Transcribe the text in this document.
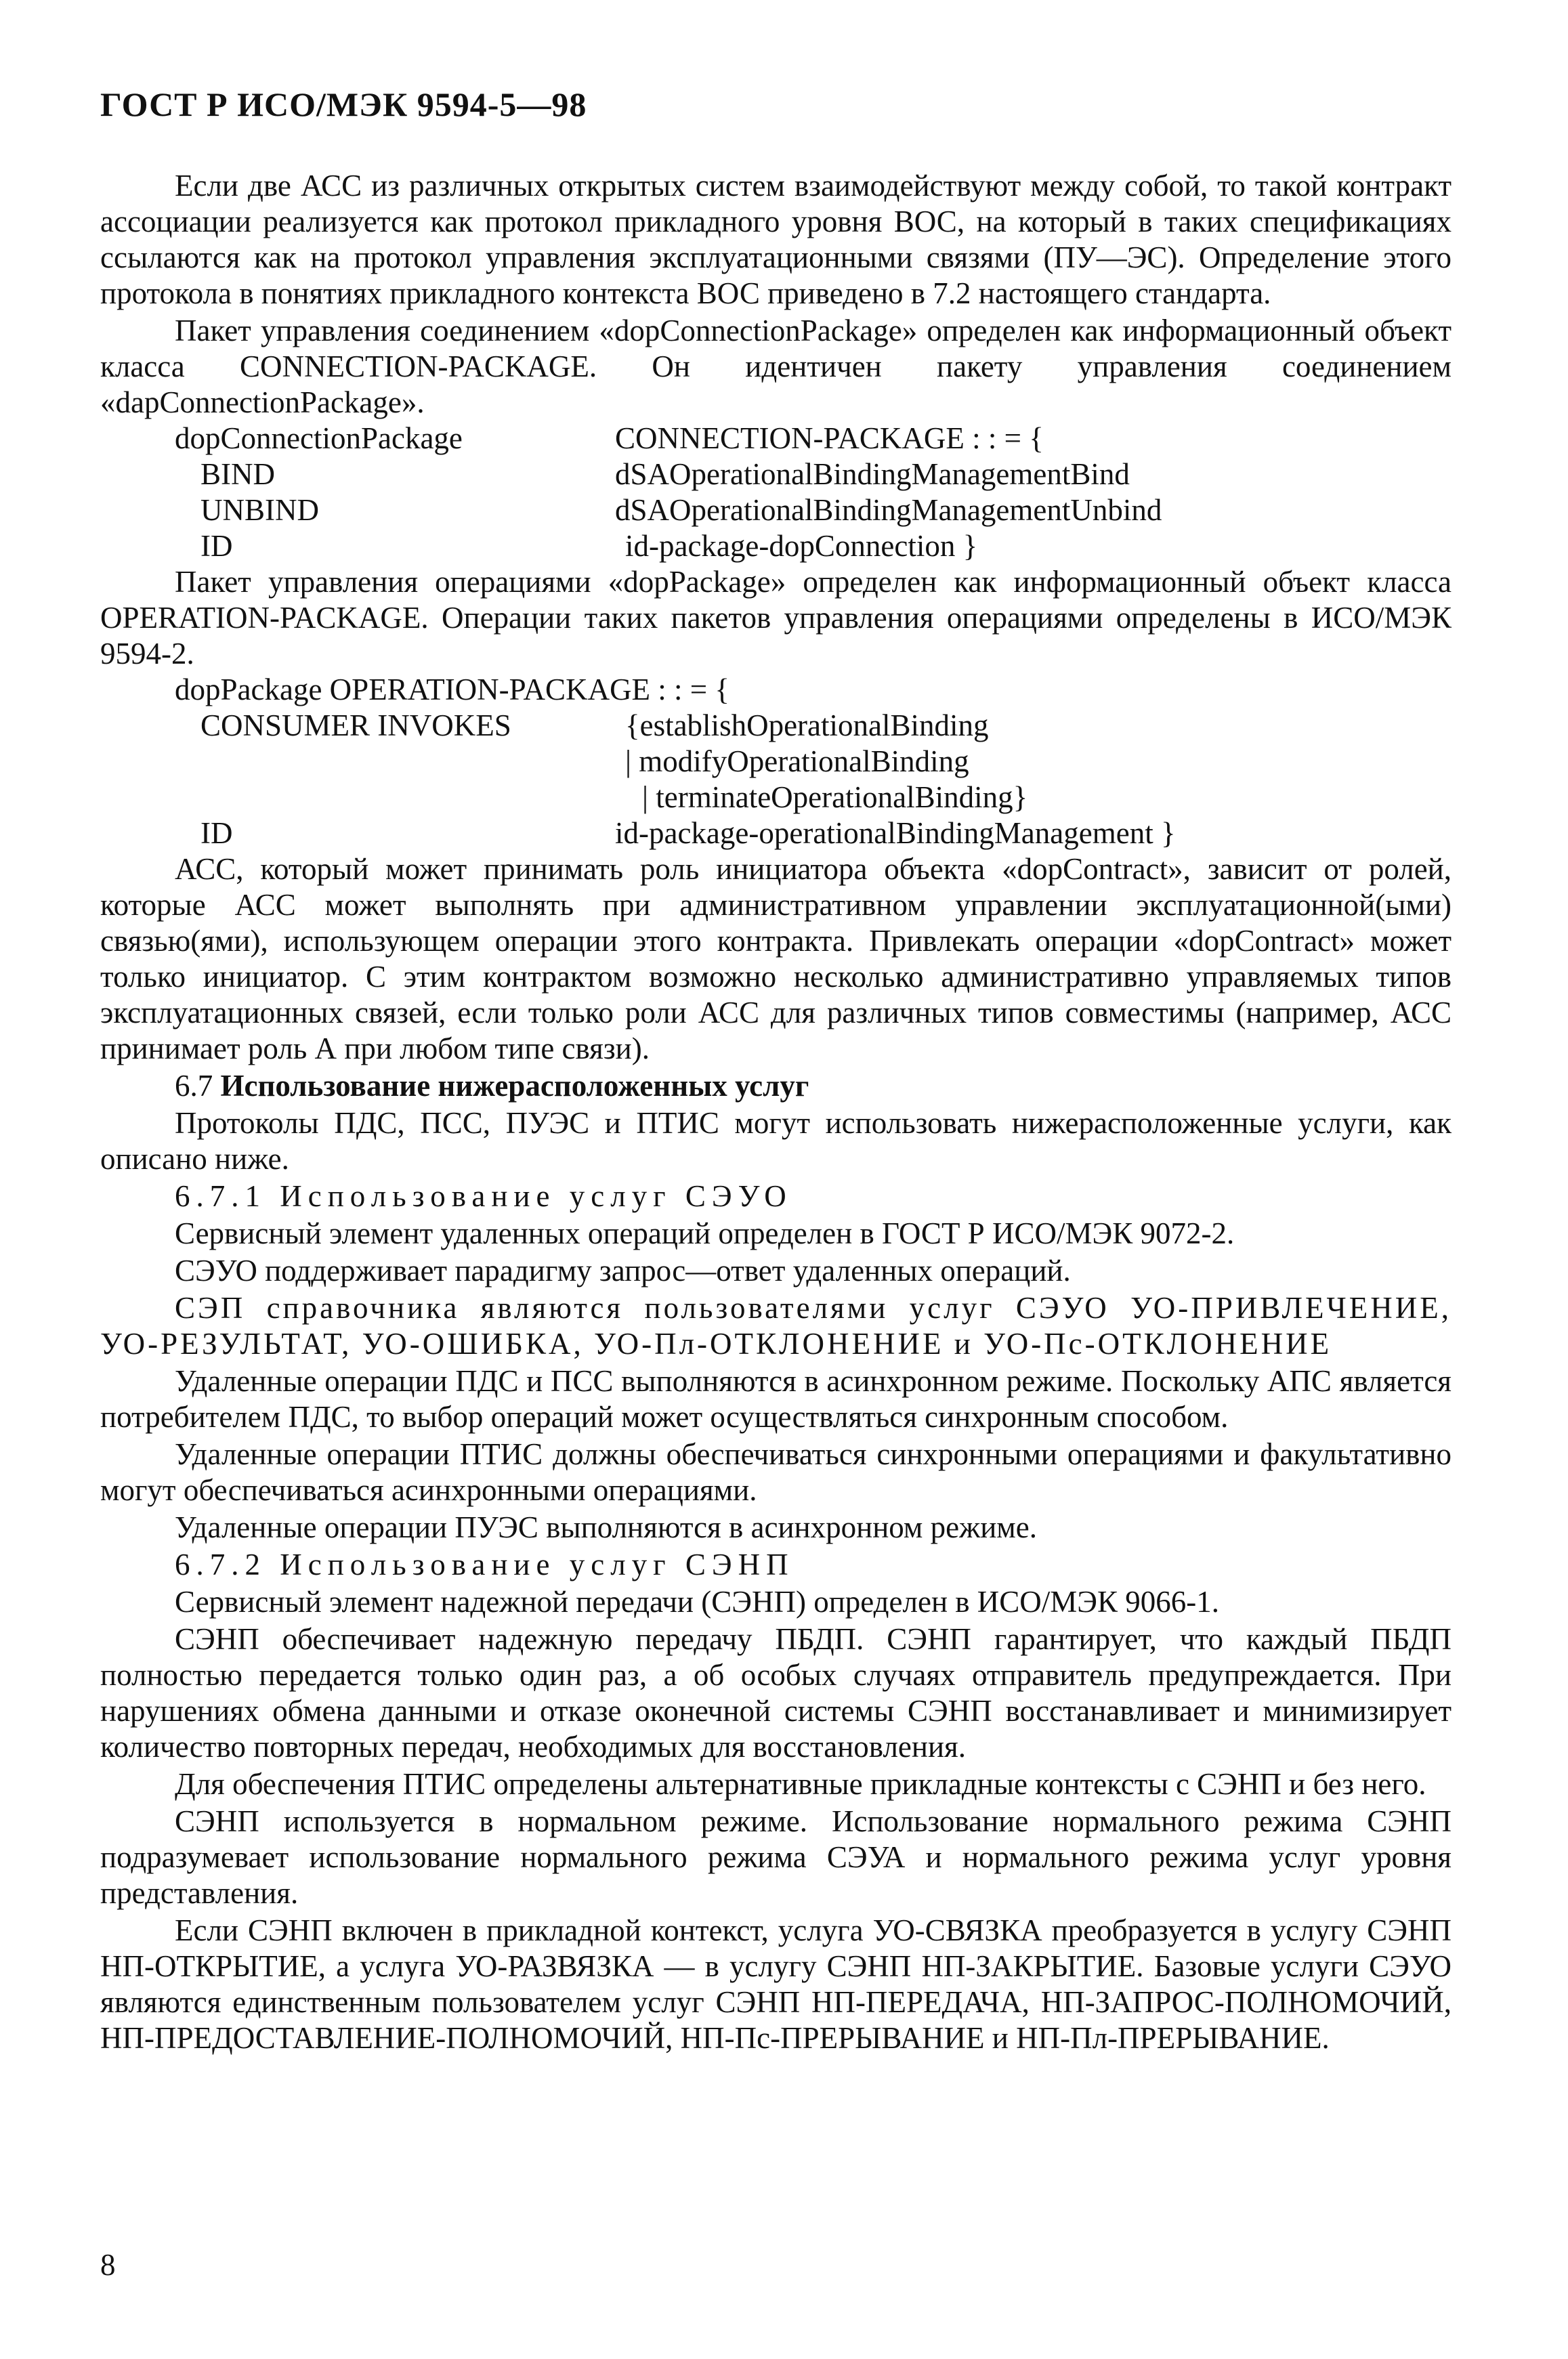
ГОСТ Р ИСО/МЭК 9594-5—98

Если две АСС из различных открытых систем взаимодействуют между собой, то такой контракт ассоциации реализуется как протокол прикладного уровня ВОС, на который в таких спецификациях ссылаются как на протокол управления эксплуатационными связями (ПУ—ЭС). Определение этого протокола в понятиях прикладного контекста ВОС приведено в 7.2 настоящего стандарта.

Пакет управления соединением «dopConnectionPackage» определен как информационный объект класса CONNECTION-PACKAGE. Он идентичен пакету управления соединением «dapConnectionPackage».

dopConnectionPackage	CONNECTION-PACKAGE : : = {
BIND	dSAOperationalBindingManagementBind
UNBIND	dSAOperationalBindingManagementUnbind
ID	id-package-dopConnection }

Пакет управления операциями «dopPackage» определен как информационный объект класса OPERATION-PACKAGE. Операции таких пакетов управления операциями определены в ИСО/МЭК 9594-2.

dopPackage OPERATION-PACKAGE : : = {
CONSUMER INVOKES	{establishOperationalBinding
| modifyOperationalBinding
| terminateOperationalBinding}
ID	id-package-operationalBindingManagement }

АСС, который может принимать роль инициатора объекта «dopContract», зависит от ролей, которые АСС может выполнять при административном управлении эксплуатационной(ыми) связью(ями), использующем операции этого контракта. Привлекать операции «dopContract» может только инициатор. С этим контрактом возможно несколько административно управляемых типов эксплуатационных связей, если только роли АСС для различных типов совместимы (например, АСС принимает роль А при любом типе связи).

6.7 Использование нижерасположенных услуг

Протоколы ПДС, ПСС, ПУЭС и ПТИС могут использовать нижерасположенные услуги, как описано ниже.

6.7.1 Использование услуг СЭУО

Сервисный элемент удаленных операций определен в ГОСТ Р ИСО/МЭК 9072-2.

СЭУО поддерживает парадигму запрос—ответ удаленных операций.

СЭП справочника являются пользователями услуг СЭУО УО-ПРИВЛЕЧЕНИЕ, УО-РЕЗУЛЬТАТ, УО-ОШИБКА, УО-Пл-ОТКЛОНЕНИЕ и УО-Пс-ОТКЛОНЕНИЕ

Удаленные операции ПДС и ПСС выполняются в асинхронном режиме. Поскольку АПС является потребителем ПДС, то выбор операций может осуществляться синхронным способом.

Удаленные операции ПТИС должны обеспечиваться синхронными операциями и факультативно могут обеспечиваться асинхронными операциями.

Удаленные операции ПУЭС выполняются в асинхронном режиме.

6.7.2 Использование услуг СЭНП

Сервисный элемент надежной передачи (СЭНП) определен в ИСО/МЭК 9066-1.

СЭНП обеспечивает надежную передачу ПБДП. СЭНП гарантирует, что каждый ПБДП полностью передается только один раз, а об особых случаях отправитель предупреждается. При нарушениях обмена данными и отказе оконечной системы СЭНП восстанавливает и минимизирует количество повторных передач, необходимых для восстановления.

Для обеспечения ПТИС определены альтернативные прикладные контексты с СЭНП и без него.

СЭНП используется в нормальном режиме. Использование нормального режима СЭНП подразумевает использование нормального режима СЭУА и нормального режима услуг уровня представления.

Если СЭНП включен в прикладной контекст, услуга УО-СВЯЗКА преобразуется в услугу СЭНП НП-ОТКРЫТИЕ, а услуга УО-РАЗВЯЗКА — в услугу СЭНП НП-ЗАКРЫТИЕ. Базовые услуги СЭУО являются единственным пользователем услуг СЭНП НП-ПЕРЕДАЧА, НП-ЗАПРОС-ПОЛНОМОЧИЙ, НП-ПРЕДОСТАВЛЕНИЕ-ПОЛНОМОЧИЙ, НП-Пс-ПРЕРЫВАНИЕ и НП-Пл-ПРЕРЫВАНИЕ.

8
